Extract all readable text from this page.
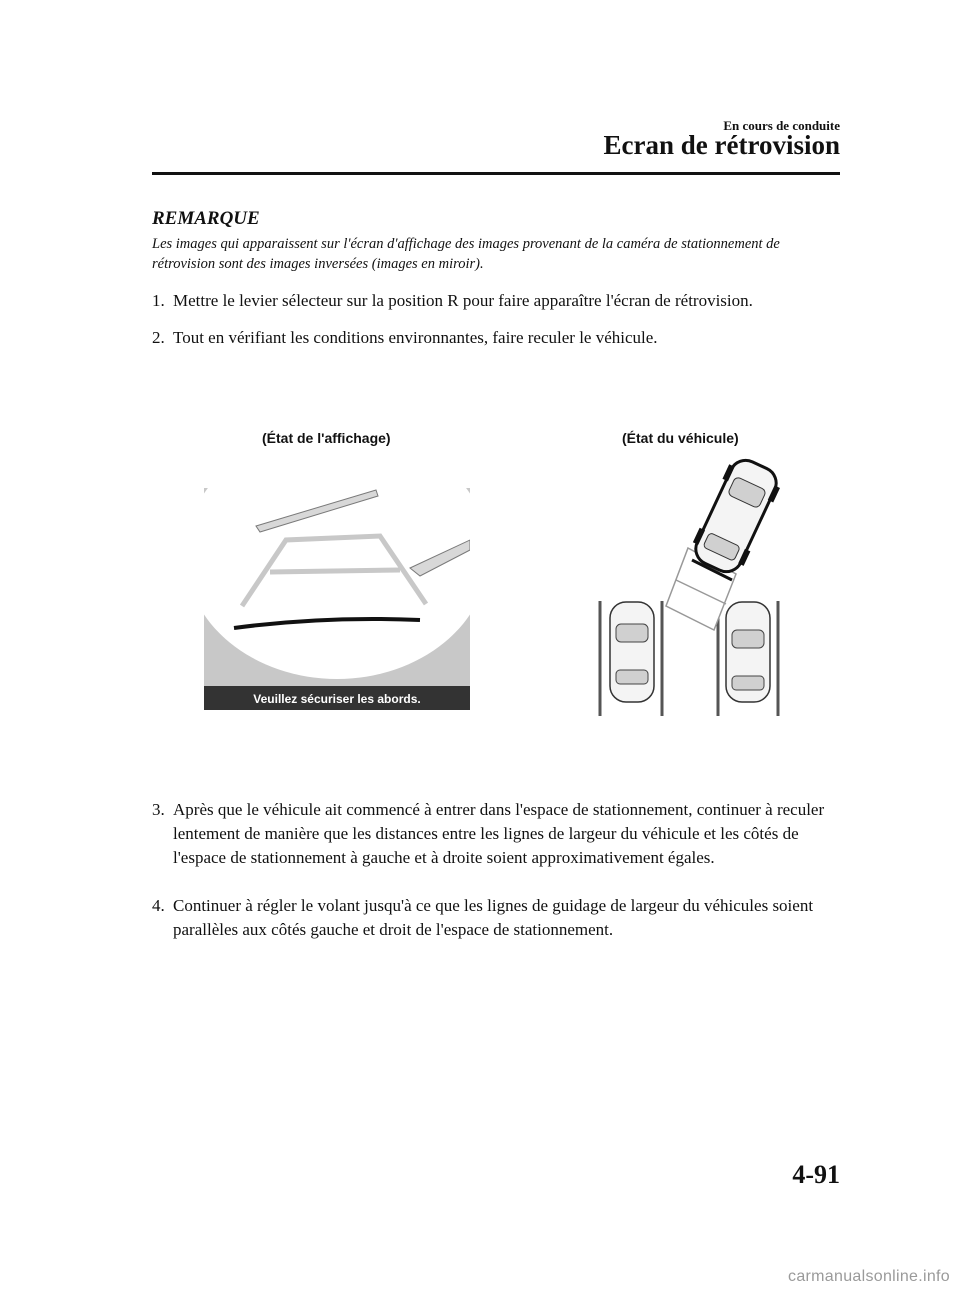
En cours de conduite
Ecran de rétrovision
REMARQUE
Les images qui apparaissent sur l'écran d'affichage des images provenant de la caméra de stationnement de rétrovision sont des images inversées (images en miroir).
1. Mettre le levier sélecteur sur la position R pour faire apparaître l'écran de rétrovision.
2. Tout en vérifiant les conditions environnantes, faire reculer le véhicule.
(État de l'affichage)	(État du véhicule)
Veuillez sécuriser les abords.
3. Après que le véhicule ait commencé à entrer dans l'espace de stationnement, continuer à reculer lentement de manière que les distances entre les lignes de largeur du véhicule et les côtés de l'espace de stationnement à gauche et à droite soient approximativement égales.
4. Continuer à régler le volant jusqu'à ce que les lignes de guidage de largeur du véhicules soient parallèles aux côtés gauche et droit de l'espace de stationnement.
4-91
carmanualsonline.info
